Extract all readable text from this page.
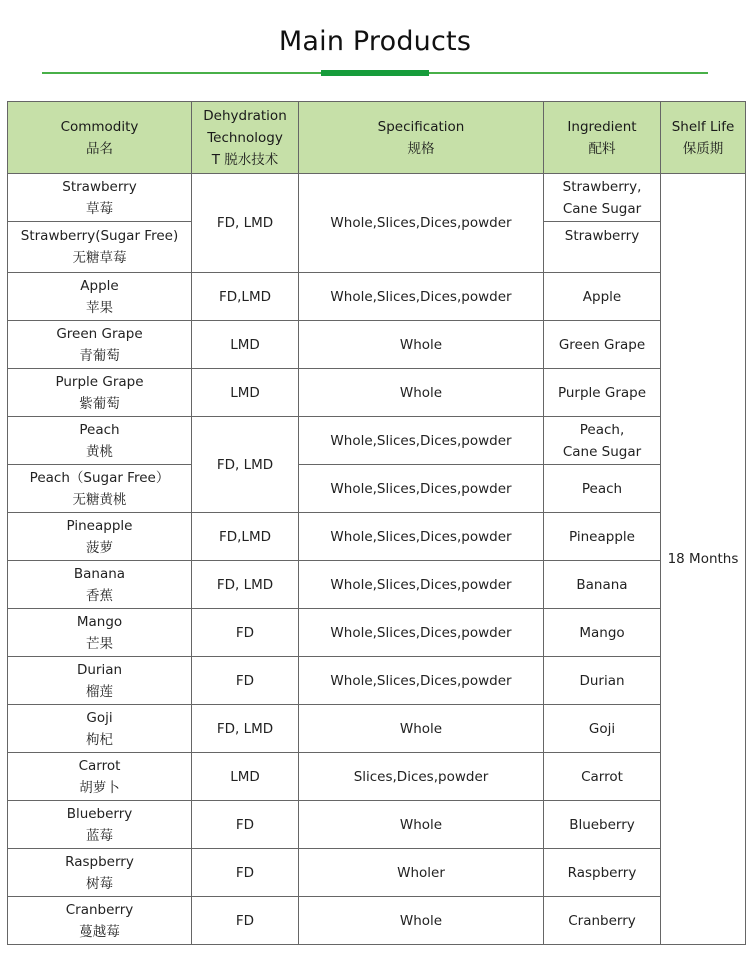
Main Products
Commodity
品名	Dehydration
Technology
T 脱水技术	Specification
规格	Ingredient
配料	Shelf Life
保质期

Strawberry
草莓	FD, LMD	Whole,Slices,Dices,powder	Strawberry,
Cane Sugar	18 Months

Strawberry(Sugar Free)
无糖草莓			Strawberry	

Apple
苹果	FD,LMD	Whole,Slices,Dices,powder	Apple	

Green Grape
青葡萄	LMD	Whole	Green Grape	

Purple Grape
紫葡萄	LMD	Whole	Purple Grape	

Peach
黄桃	FD, LMD	Whole,Slices,Dices,powder	Peach,
Cane Sugar	

Peach（Sugar Free）
无糖黄桃		Whole,Slices,Dices,powder	Peach	

Pineapple
菠萝	FD,LMD	Whole,Slices,Dices,powder	Pineapple	

Banana
香蕉	FD, LMD	Whole,Slices,Dices,powder	Banana	

Mango
芒果	FD	Whole,Slices,Dices,powder	Mango	

Durian
榴莲	FD	Whole,Slices,Dices,powder	Durian	

Goji
枸杞	FD, LMD	Whole	Goji	

Carrot
胡萝卜	LMD	Slices,Dices,powder	Carrot	

Blueberry
蓝莓	FD	Whole	Blueberry	

Raspberry
树莓	FD	Wholer	Raspberry	

Cranberry
蔓越莓	FD	Whole	Cranberry	
